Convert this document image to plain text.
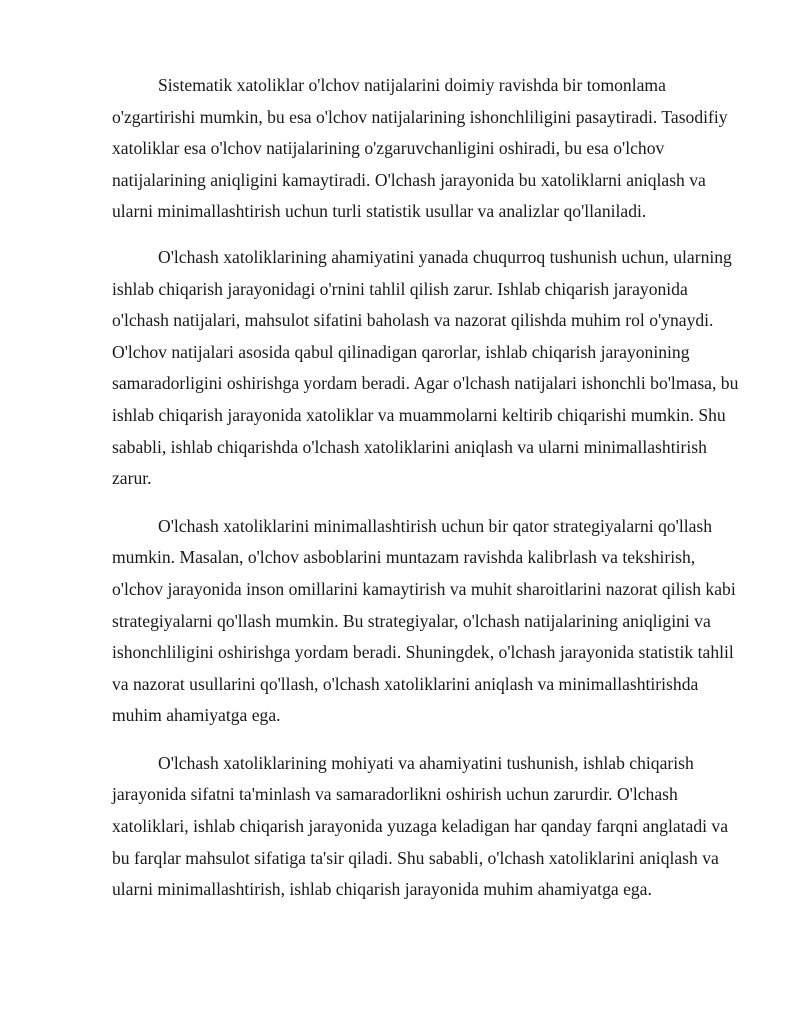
Sistematik xatoliklar o'lchov natijalarini doimiy ravishda bir tomonlama o'zgartirishi mumkin, bu esa o'lchov natijalarining ishonchliligini pasaytiradi. Tasodifiy xatoliklar esa o'lchov natijalarining o'zgaruvchanligini oshiradi, bu esa o'lchov natijalarining aniqligini kamaytiradi. O'lchash jarayonida bu xatoliklarni aniqlash va ularni minimallashtirish uchun turli statistik usullar va analizlar qo'llaniladi.

O'lchash xatoliklarining ahamiyatini yanada chuqurroq tushunish uchun, ularning ishlab chiqarish jarayonidagi o'rnini tahlil qilish zarur. Ishlab chiqarish jarayonida o'lchash natijalari, mahsulot sifatini baholash va nazorat qilishda muhim rol o'ynaydi. O'lchov natijalari asosida qabul qilinadigan qarorlar, ishlab chiqarish jarayonining samaradorligini oshirishga yordam beradi. Agar o'lchash natijalari ishonchli bo'lmasa, bu ishlab chiqarish jarayonida xatoliklar va muammolarni keltirib chiqarishi mumkin. Shu sababli, ishlab chiqarishda o'lchash xatoliklarini aniqlash va ularni minimallashtirish zarur.

O'lchash xatoliklarini minimallashtirish uchun bir qator strategiyalarni qo'llash mumkin. Masalan, o'lchov asboblarini muntazam ravishda kalibrlash va tekshirish, o'lchov jarayonida inson omillarini kamaytirish va muhit sharoitlarini nazorat qilish kabi strategiyalarni qo'llash mumkin. Bu strategiyalar, o'lchash natijalarining aniqligini va ishonchliligini oshirishga yordam beradi. Shuningdek, o'lchash jarayonida statistik tahlil va nazorat usullarini qo'llash, o'lchash xatoliklarini aniqlash va minimallashtirishda muhim ahamiyatga ega.

O'lchash xatoliklarining mohiyati va ahamiyatini tushunish, ishlab chiqarish jarayonida sifatni ta'minlash va samaradorlikni oshirish uchun zarurdir. O'lchash xatoliklari, ishlab chiqarish jarayonida yuzaga keladigan har qanday farqni anglatadi va bu farqlar mahsulot sifatiga ta'sir qiladi. Shu sababli, o'lchash xatoliklarini aniqlash va ularni minimallashtirish, ishlab chiqarish jarayonida muhim ahamiyatga ega.
